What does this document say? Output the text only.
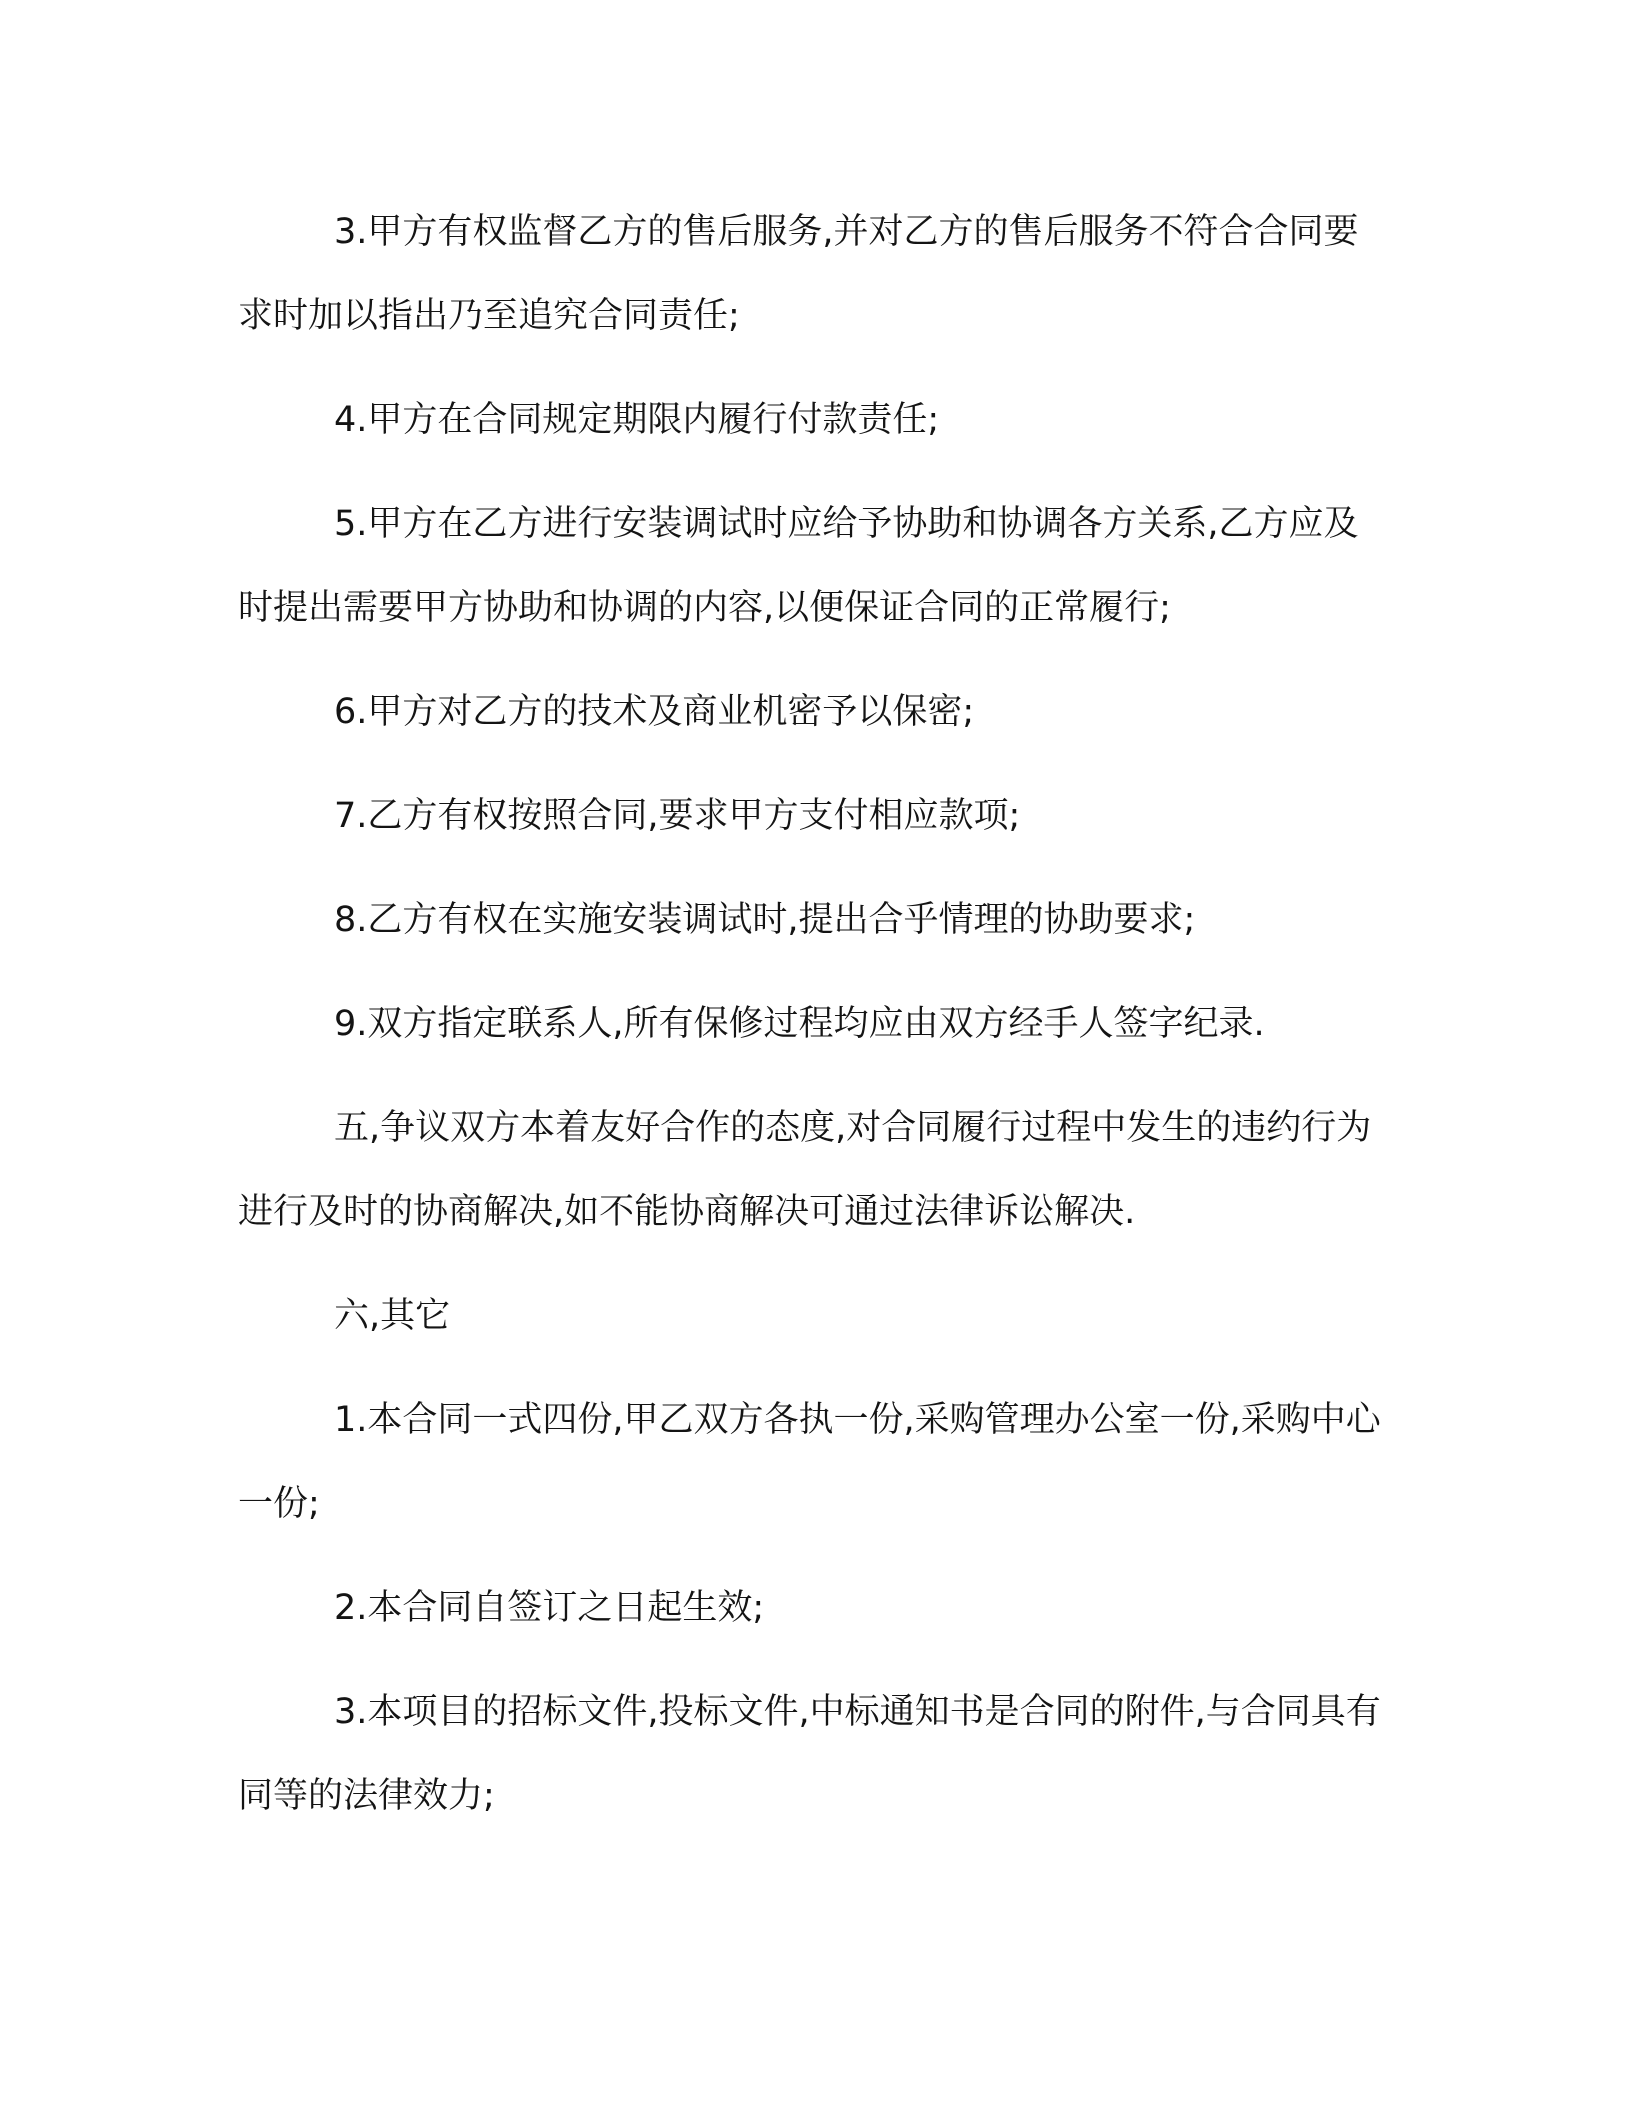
3.甲方有权监督乙方的售后服务,并对乙方的售后服务不符合合同要求时加以指出乃至追究合同责任;

4.甲方在合同规定期限内履行付款责任;

5.甲方在乙方进行安装调试时应给予协助和协调各方关系,乙方应及时提出需要甲方协助和协调的内容,以便保证合同的正常履行;

6.甲方对乙方的技术及商业机密予以保密;

7.乙方有权按照合同,要求甲方支付相应款项;

8.乙方有权在实施安装调试时,提出合乎情理的协助要求;

9.双方指定联系人,所有保修过程均应由双方经手人签字纪录.

五,争议双方本着友好合作的态度,对合同履行过程中发生的违约行为进行及时的协商解决,如不能协商解决可通过法律诉讼解决.

六,其它

1.本合同一式四份,甲乙双方各执一份,采购管理办公室一份,采购中心一份;

2.本合同自签订之日起生效;

3.本项目的招标文件,投标文件,中标通知书是合同的附件,与合同具有同等的法律效力;
